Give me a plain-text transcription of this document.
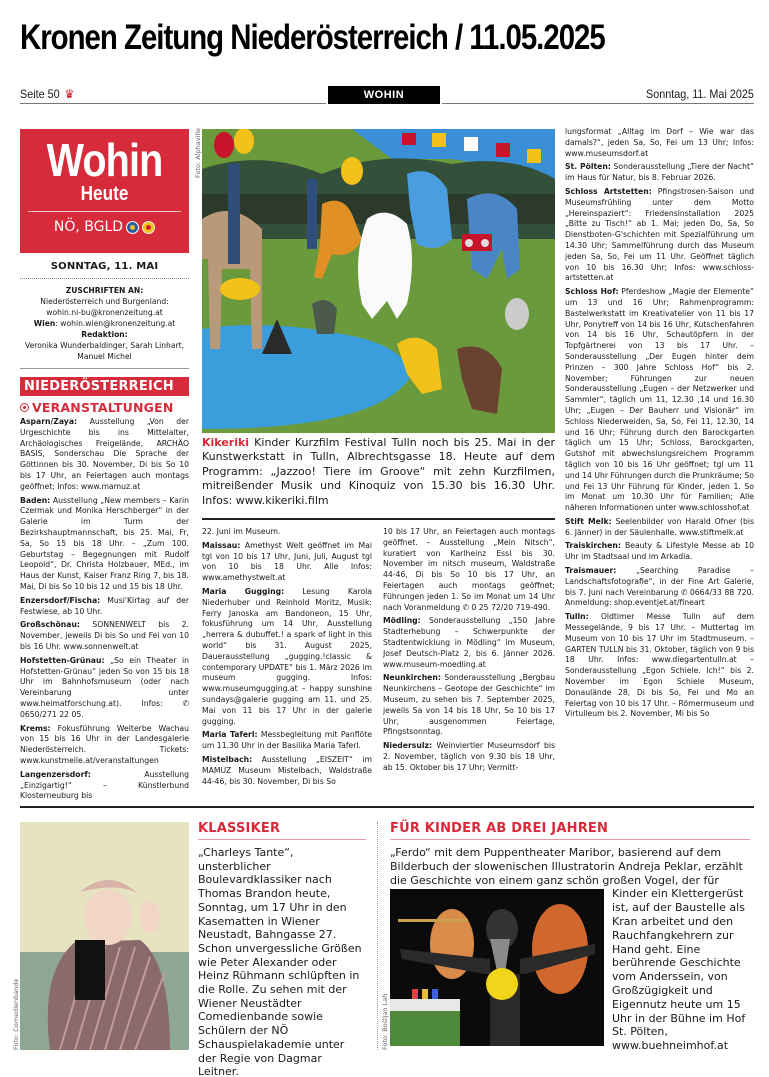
Kronen Zeitung Niederösterreich / 11.05.2025
Seite 50 ♛	WOHIN	Sonntag, 11. Mai 2025
Wohin
Heute
NÖ, BGLD
SONNTAG, 11. MAI
ZUSCHRIFTEN AN:
Niederösterreich und Burgenland:
wohin.ni-bu@kronenzeitung.at
Wien: wohin.wien@kronenzeitung.at
Redaktion:
Veronika Wunderbaldinger, Sarah Linhart, Manuel Michel
NIEDERÖSTERREICH
VERANSTALTUNGEN
Asparn/Zaya: Ausstellung „Von der Urgeschichte bis ins Mittelalter, Archäologisches Freigelände, ARCHÄO BASIS, Sonderschau Die Sprache der Göttinnen bis 30. November, Di bis So 10 bis 17 Uhr, an Feiertagen auch montags geöffnet; Infos: www.mamuz.at
Baden: Ausstellung „New members – Karin Czermak und Monika Herschberger“ in der Galerie im Turm der Bezirkshauptmannschaft, bis 25. Mai, Fr, Sa, So 15 bis 18 Uhr. – „Zum 100. Geburtstag – Begegnungen mit Rudolf Leopold“, Dr. Christa Holzbauer, MEd., im Haus der Kunst, Kaiser Franz Ring 7, bis 18. Mai, Di bis So 10 bis 12 und 15 bis 18 Uhr.
Enzersdorf/Fischa: Musi'Kirtag auf der Festwiese, ab 10 Uhr.
Großschönau: SONNENWELT bis 2. November, jeweils Di bis So und Fei von 10 bis 16 Uhr. www.sonnenwelt.at
Hofstetten-Grünau: „So ein Theater in Hofstetten-Grünau“ jeden So von 15 bis 18 Uhr im Bahnhofsmuseum (oder nach Vereinbarung unter www.heimatforschung.at). Infos: ✆ 0650/271 22 05.
Krems: Fokusführung Welterbe Wachau von 15 bis 16 Uhr in der Landesgalerie Niederösterreich. Tickets: www.kunstmeile.at/veranstaltungen
Langenzersdorf: Ausstellung „Einzigartig!“ – Künstlerbund Klosterneuburg bis
Foto: Alphaville
Kikeriki Kinder Kurzfilm Festival Tulln noch bis 25. Mai in der Kunstwerkstatt in Tulln, Albrechtsgasse 18. Heute auf dem Programm: „Jazzoo! Tiere im Groove“ mit zehn Kurzfilmen, mitreißender Musik und Kinoquiz von 15.30 bis 16.30 Uhr. Infos: www.kikeriki.film
22. Juni im Museum.
Maissau: Amethyst Welt geöffnet im Mai tgl von 10 bis 17 Uhr, Juni, Juli, August tgl von 10 bis 18 Uhr. Alle Infos: www.amethystwelt.at
Maria Gugging: Lesung Karola Niederhuber und Reinhold Moritz, Musik: Ferry Janoska am Bandoneon, 15 Uhr, fokusführung um 14 Uhr, Ausstellung „herrera & dubuffet.! a spark of light in this world“ bis 31. August 2025, Dauerausstellung „gugging.!classic & contemporary UPDATE“ bis 1. März 2026 im museum gugging. Infos: www.museumgugging.at – happy sunshine sundays@galerie gugging am 11. und 25. Mai von 11 bis 17 Uhr in der galerie gugging.
Maria Taferl: Messbegleitung mit Panflöte um 11.30 Uhr in der Basilika Maria Taferl.
Mistelbach: Ausstellung „EISZEIT“ im MAMUZ Museum Mistelbach, Waldstraße 44-46, bis 30. November, Di bis So
10 bis 17 Uhr, an Feiertagen auch montags geöffnet. – Ausstellung „Mein Nitsch“, kuratiert von Karlheinz Essl bis 30. November im nitsch museum, Waldstraße 44-46, Di bis So 10 bis 17 Uhr, an Feiertagen auch montags geöffnet; Führungen jeden 1. So im Monat um 14 Uhr nach Voranmeldung ✆ 0 25 72/20 719-490.
Mödling: Sonderausstellung „150 Jahre Stadterhebung – Schwerpunkte der Stadtentwicklung in Mödling“ im Museum, Josef Deutsch-Platz 2, bis 6. Jänner 2026. www.museum-moedling.at
Neunkirchen: Sonderausstellung „Bergbau Neunkirchens – Geotope der Geschichte“ im Museum, zu sehen bis 7. September 2025, jeweils Sa von 14 bis 18 Uhr, So 10 bis 17 Uhr, ausgenommen Feiertage, Pfingstsonntag.
Niedersulz: Weinviertler Museumsdorf bis 2. November, täglich von 9.30 bis 18 Uhr, ab 15. Oktober bis 17 Uhr; Vermitt-
lungsformat „Alltag im Dorf – Wie war das damals?“, jeden Sa, So, Fei um 13 Uhr; Infos: www.museumsdorf.at
St. Pölten: Sonderausstellung „Tiere der Nacht“ im Haus für Natur, bis 8. Februar 2026.
Schloss Artstetten: Pfingstrosen-Saison und Museumsfrühling unter dem Motto „Hereinspaziert“: Friedensinstallation 2025 „Bitte zu Tisch!“ ab 1. Mai; jeden Do, Sa, So Dienstboten-G'schichten mit Spezialführung um 14.30 Uhr; Sammelführung durch das Museum jeden Sa, So, Fei um 11 Uhr. Geöffnet täglich von 10 bis 16.30 Uhr; Infos: www.schloss-artstetten.at
Schloss Hof: Pferdeshow „Magie der Elemente“ um 13 und 16 Uhr; Rahmenprogramm: Bastelwerkstatt im Kreativatelier von 11 bis 17 Uhr, Ponytreff von 14 bis 16 Uhr, Kutschenfahren von 14 bis 16 Uhr, Schautöpfern in der Topfgärtnerei von 13 bis 17 Uhr. – Sonderausstellung „Der Eugen hinter dem Prinzen – 300 Jahre Schloss Hof“ bis 2. November; Führungen zur neuen Sonderausstellung „Eugen – der Netzwerker und Sammler“, täglich um 11, 12.30 ,14 und 16.30 Uhr; „Eugen – Der Bauherr und Visionär“ im Schloss Niederweiden, Sa, So, Fei 11, 12.30, 14 und 16 Uhr; Führung durch den Barockgarten täglich um 15 Uhr; Schloss, Barockgarten, Gutshof mit abwechslungsreichem Programm täglich von 10 bis 16 Uhr geöffnet; tgl um 11 und 14 Uhr Führungen durch die Prunkräume; So und Fei 13 Uhr Führung für Kinder, jeden 1. So im Monat um 10.30 Uhr für Familien; Alle näheren Informationen unter www.schlosshof.at
Stift Melk: Seelenbilder von Harald Ofner (bis 6. Jänner) in der Säulenhalle. www.stiftmelk.at
Traiskirchen: Beauty & Lifestyle Messe ab 10 Uhr im Stadtsaal und im Arkadia.
Traismauer: „Searching Paradise – Landschaftsfotografie“, in der Fine Art Galerie, bis 7. Juni nach Vereinbarung ✆ 0664/33 88 720. Anmeldung: shop.eventjet.at/fineart
Tulln: Oldtimer Messe Tulln auf dem Messegelände, 9 bis 17 Uhr. – Muttertag im Museum von 10 bis 17 Uhr im Stadtmuseum. – GARTEN TULLN bis 31. Oktober, täglich von 9 bis 18 Uhr. Infos: www.diegartentulln.at – Sonderausstellung „Egon Schiele. Ich!“ bis 2. November im Egon Schiele Museum, Donaulände 28, Di bis So, Fei und Mo an Feiertag von 10 bis 17 Uhr. – Römermuseum und Virtulleum bis 2. November, Mi bis So
Foto: Comedienbande
KLASSIKER

„Charleys Tante“, unsterblicher Boulevardklassiker nach Thomas Brandon heute, Sonntag, um 17 Uhr in den Kasematten in Wiener Neustadt, Bahngasse 27. Schon unvergessliche Größen wie Peter Alexander oder Heinz Rühmann schlüpften in die Rolle. Zu sehen mit der Wiener Neustädter Comedienbande sowie Schülern der NÖ Schauspielakademie unter der Regie von Dagmar Leitner.

Foto: Boštjan Lah
FÜR KINDER AB DREI JAHREN

„Ferdo“ mit dem Puppentheater Maribor, basierend auf dem Bilderbuch der slowenischen Illustratorin Andreja Peklar, erzählt die Geschichte von einem ganz schön großen Vogel, der
für Kinder ein Klettergerüst ist, auf der Baustelle als Kran arbeitet und den Rauchfangkehrern zur Hand geht. Eine berührende Geschichte vom Anderssein, von Großzügigkeit und Eigennutz heute um 15 Uhr in der Bühne im Hof St. Pölten, www.buehneimhof.at
